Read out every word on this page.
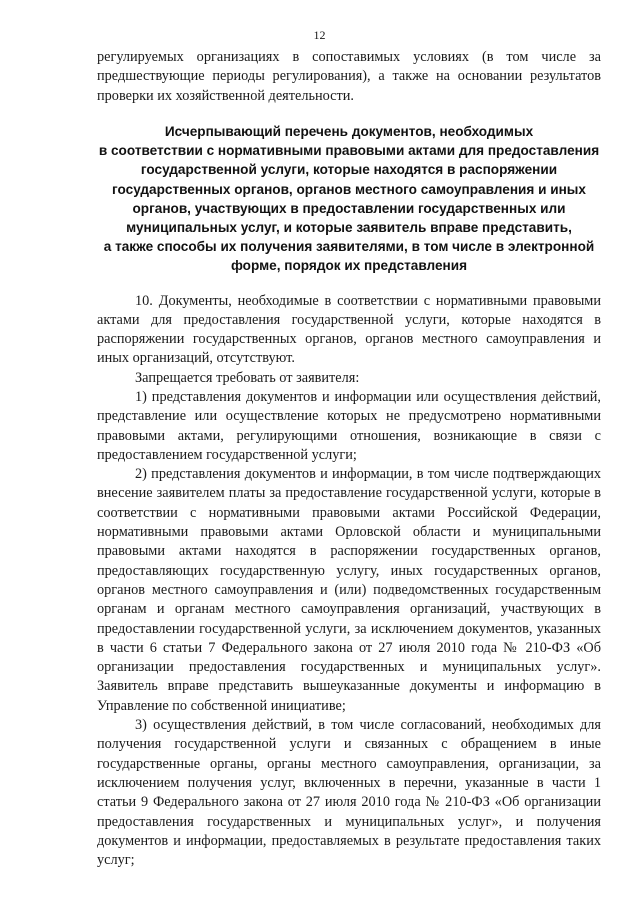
12

регулируемых организациях в сопоставимых условиях (в том числе за предшествующие периоды регулирования), а также на основании результатов проверки их хозяйственной деятельности.

Исчерпывающий перечень документов, необходимых
в соответствии с нормативными правовыми актами для предоставления
государственной услуги, которые находятся в распоряжении
государственных органов, органов местного самоуправления и иных
органов, участвующих в предоставлении государственных или
муниципальных услуг, и которые заявитель вправе представить,
а также способы их получения заявителями, в том числе в электронной
форме, порядок их представления

10. Документы, необходимые в соответствии с нормативными правовыми актами для предоставления государственной услуги, которые находятся в распоряжении государственных органов, органов местного самоуправления и иных организаций, отсутствуют.

Запрещается требовать от заявителя:

1) представления документов и информации или осуществления действий, представление или осуществление которых не предусмотрено нормативными правовыми актами, регулирующими отношения, возникающие в связи с предоставлением государственной услуги;

2) представления документов и информации, в том числе подтверждающих внесение заявителем платы за предоставление государственной услуги, которые в соответствии с нормативными правовыми актами Российской Федерации, нормативными правовыми актами Орловской области и муниципальными правовыми актами находятся в распоряжении государственных органов, предоставляющих государственную услугу, иных государственных органов, органов местного самоуправления и (или) подведомственных государственным органам и органам местного самоуправления организаций, участвующих в предоставлении государственной услуги, за исключением документов, указанных в части 6 статьи 7 Федерального закона от 27 июля 2010 года № 210-ФЗ «Об организации предоставления государственных и муниципальных услуг». Заявитель вправе представить вышеуказанные документы и информацию в Управление по собственной инициативе;

3) осуществления действий, в том числе согласований, необходимых для получения государственной услуги и связанных с обращением в иные государственные органы, органы местного самоуправления, организации, за исключением получения услуг, включенных в перечни, указанные в части 1 статьи 9 Федерального закона от 27 июля 2010 года № 210-ФЗ «Об организации предоставления государственных и муниципальных услуг», и получения документов и информации, предоставляемых в результате предоставления таких услуг;
